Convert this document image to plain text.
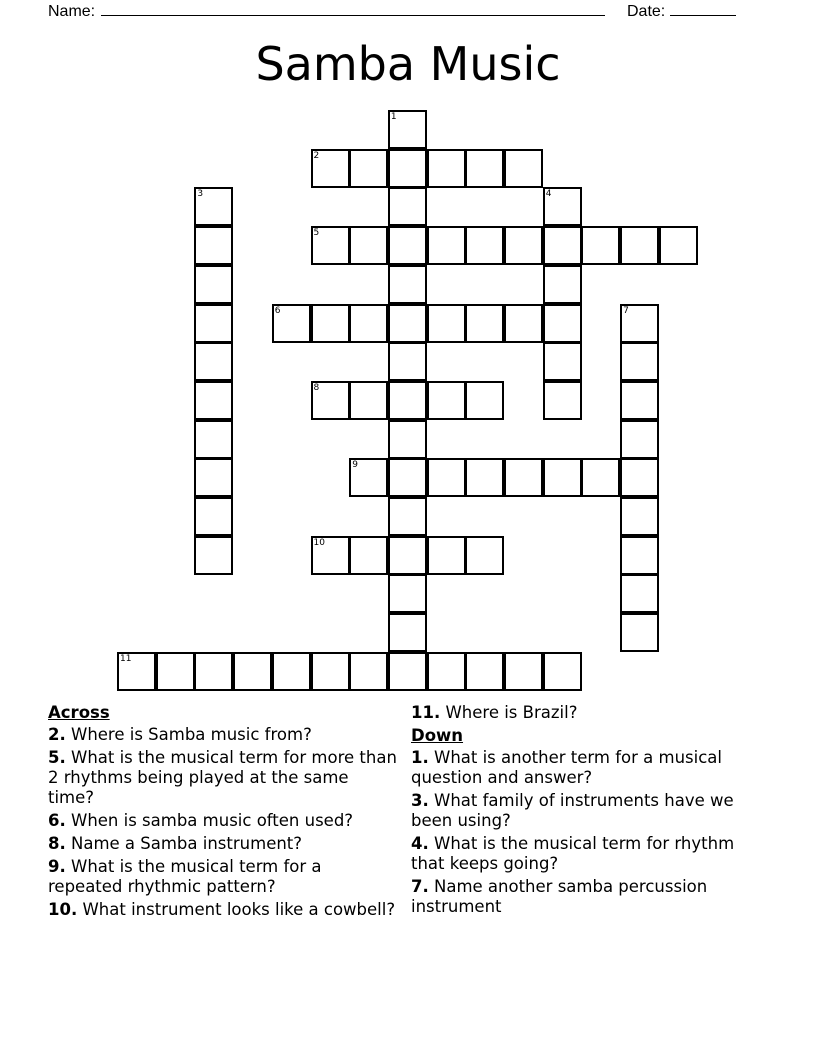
Name:	Date:
Samba Music
1
2
3	4
5
6	7
8
9
10
11
Across
2. Where is Samba music from?
5. What is the musical term for more than 2 rhythms being played at the same time?
6. When is samba music often used?
8. Name a Samba instrument?
9. What is the musical term for a repeated rhythmic pattern?
10. What instrument looks like a cowbell?
11. Where is Brazil?
Down
1. What is another term for a musical question and answer?
3. What family of instruments have we been using?
4. What is the musical term for rhythm that keeps going?
7. Name another samba percussion instrument
